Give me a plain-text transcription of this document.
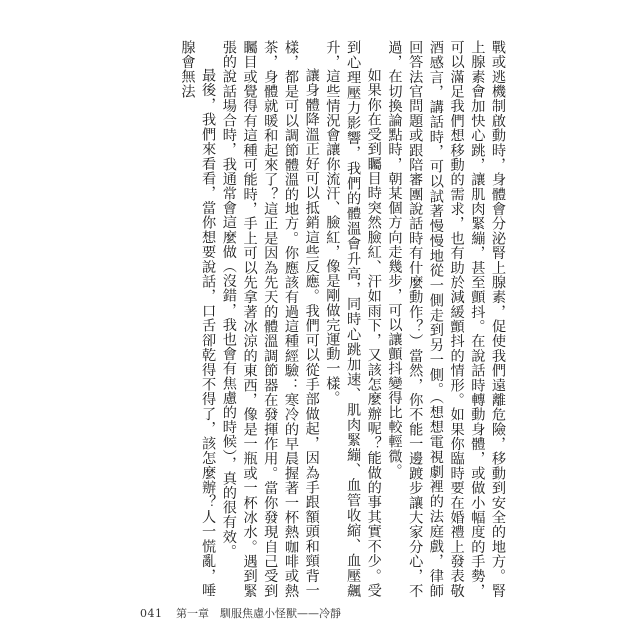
戰或逃機制啟動時，身體會分泌腎上腺素，促使我們遠離危險，移動到安全的地方。腎上腺素會加快心跳，讓肌肉緊繃，甚至顫抖。在說話時轉動身體，或做小幅度的手勢，可以滿足我們想移動的需求，也有助於減緩顫抖的情形。如果你臨時要在婚禮上發表敬酒感言，講話時，可以試著慢慢地從一側走到另一側。（想想電視劇裡的法庭戲，律師回答法官問題或跟陪審團說話時有什麼動作？）當然，你不能一邊踱步讓大家分心，不過，在切換論點時，朝某個方向走幾步，可以讓顫抖變得比較輕微。

如果你在受到矚目時突然臉紅、汗如雨下，又該怎麼辦呢？能做的事其實不少。受到心理壓力影響，我們的體溫會升高，同時心跳加速、肌肉緊繃、血管收縮、血壓飆升，這些情況會讓你流汗、臉紅，像是剛做完運動一樣。

讓身體降溫正好可以抵銷這些反應。我們可以從手部做起，因為手跟額頭和頸背一樣，都是可以調節體溫的地方。你應該有過這種經驗：寒冷的早晨握著一杯熱咖啡或熱茶，身體就暖和起來了？這正是因為先天的體溫調節器在發揮作用。當你發現自己受到矚目或覺得有這種可能時，手上可以先拿著冰涼的東西，像是一瓶或一杯冰水。遇到緊張的說話場合時，我通常會這麼做（沒錯，我也會有焦慮的時候），真的很有效。

最後，我們來看看，當你想要說話，口舌卻乾得不得了，該怎麼辦？人一慌亂，唾腺會無法

041 第一章　馴服焦慮小怪獸——冷靜
